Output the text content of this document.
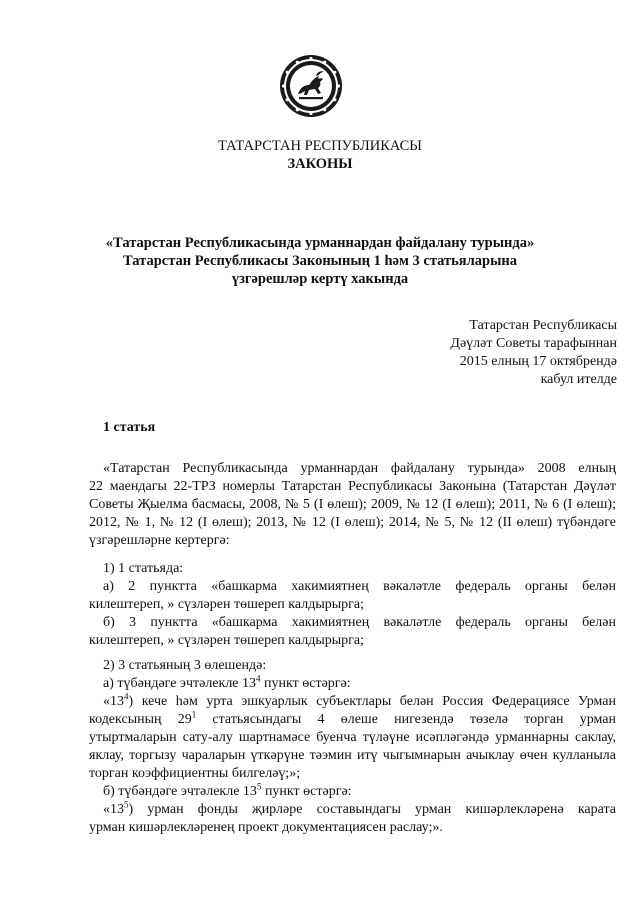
ТАТАРСТАН РЕСПУБЛИКАСЫ
ЗАКОНЫ
«Татарстан Республикасында урманнардан файдалану турында»
Татарстан Республикасы Законының 1 һәм 3 статьяларына
үзгәрешләр кертү хакында
Татарстан Республикасы
Дәүләт Советы тарафыннан
2015 елның 17 октябрендә
кабул ителде
1 статья
«Татарстан Республикасында урманнардан файдалану турында» 2008 елның
22 маендагы 22-ТРЗ номерлы Татарстан Республикасы Законына (Татарстан Дәүләт
Советы Җыелма басмасы, 2008, № 5 (I өлеш); 2009, № 12 (I өлеш); 2011, № 6 (I өлеш);
2012, № 1, № 12 (I өлеш); 2013, № 12 (I өлеш); 2014, № 5, № 12 (II өлеш) түбәндәге
үзгәрешләрне кертергә:
1) 1 статьяда:
а) 2 пунктта «башкарма хакимиятнең вәкаләтле федераль органы белән
килештереп, » сүзләрен төшереп калдырырга;
б) 3 пунктта «башкарма хакимиятнең вәкаләтле федераль органы белән
килештереп, » сүзләрен төшереп калдырырга;
2) 3 статьяның 3 өлешендә:
а) түбәндәге эчтәлекле $13^4$ пункт өстәргә:
«$13^4$) кече һәм урта эшкуарлык субъектлары белән Россия Федерациясе Урман
кодексының $29^1$ статьясындагы 4 өлеше нигезендә төзелә торган урман
утыртмаларын сату-алу шартнамәсе буенча түләүне исәпләгәндә урманнарны саклау,
яклау, торгызу чараларын үткәрүне тәэмин итү чыгымнарын ачыклау өчен кулланыла
торган коэффициентны билгеләү;»;
б) түбәндәге эчтәлекле $13^5$ пункт өстәргә:
«$13^5$) урман фонды җирләре составындагы урман кишәрлекләренә карата
урман кишәрлекләренең проект документациясен раслау;».
